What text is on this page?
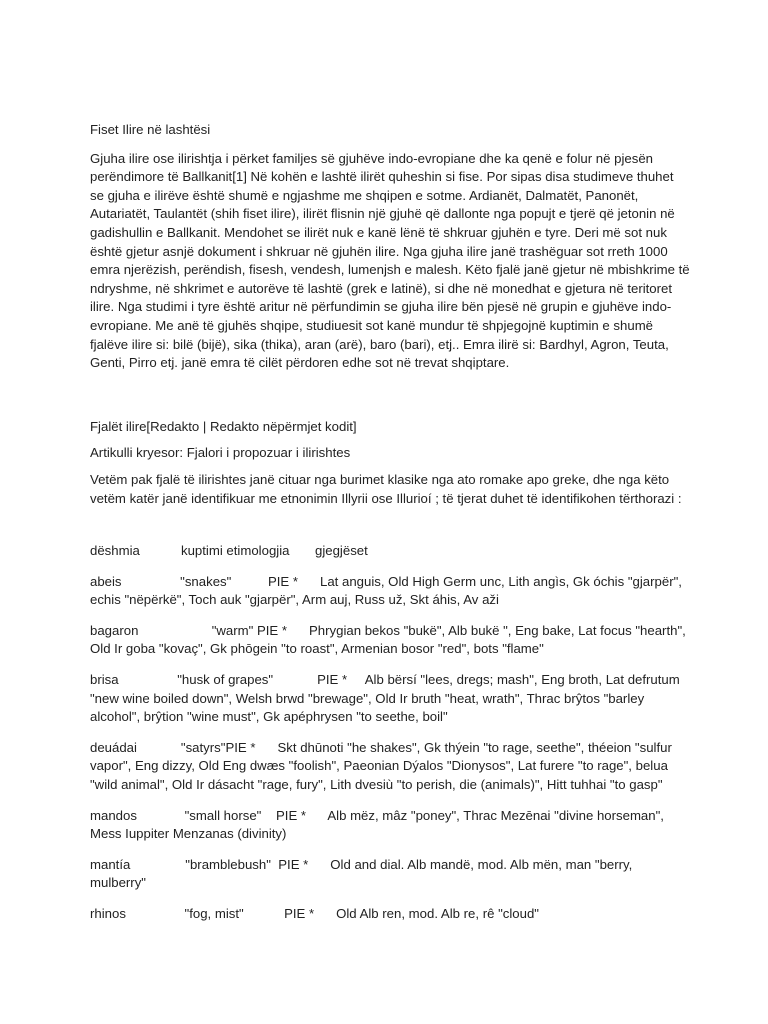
Fiset Ilire në lashtësi

Gjuha ilire ose ilirishtja i përket familjes së gjuhëve indo-evropiane dhe ka qenë e folur në pjesën perëndimore të Ballkanit[1] Në kohën e lashtë ilirët quheshin si fise. Por sipas disa studimeve thuhet se gjuha e ilirëve është shumë e ngjashme me shqipen e sotme. Ardianët, Dalmatët, Panonët, Autariatët, Taulantët (shih fiset ilire), ilirët flisnin një gjuhë që dallonte nga popujt e tjerë që jetonin në gadishullin e Ballkanit. Mendohet se ilirët nuk e kanë lënë të shkruar gjuhën e tyre. Deri më sot nuk është gjetur asnjë dokument i shkruar në gjuhën ilire. Nga gjuha ilire janë trashëguar sot rreth 1000 emra njerëzish, perëndish, fisesh, vendesh, lumenjsh e malesh. Këto fjalë janë gjetur në mbishkrime të ndryshme, në shkrimet e autorëve të lashtë (grek e latinë), si dhe në monedhat e gjetura në teritoret ilire. Nga studimi i tyre është aritur në përfundimin se gjuha ilire bën pjesë në grupin e gjuhëve indo-evropiane. Me anë të gjuhës shqipe, studiuesit sot kanë mundur të shpjegojnë kuptimin e shumë fjalëve ilire si: bilë (bijë), sika (thika), aran (arë), baro (bari), etj.. Emra ilirë si: Bardhyl, Agron, Teuta, Genti, Pirro etj. janë emra të cilët përdoren edhe sot në trevat shqiptare.

Fjalët ilire[Redakto | Redakto nëpërmjet kodit]

Artikulli kryesor: Fjalori i propozuar i ilirishtes

Vetëm pak fjalë të ilirishtes janë cituar nga burimet klasike nga ato romake apo greke, dhe nga këto vetëm katër janë identifikuar me etnonimin Illyrii ose Illurioí ; të tjerat duhet të identifikohen tërthorazi :

dëshmia	kuptimi etimologjia	gjegjëset

abeis	"snakes"	PIE * Lat anguis, Old High Germ unc, Lith angìs, Gk óchis "gjarpër", echis "nëpërkë", Toch auk "gjarpër", Arm auj, Russ už, Skt áhis, Av aži

bagaron	"warm" PIE * Phrygian bekos "bukë", Alb bukë ", Eng bake, Lat focus "hearth", Old Ir goba "kovaç", Gk phōgein "to roast", Armenian bosor "red", bots "flame"

brisa	"husk of grapes"	PIE * Alb bërsí "lees, dregs; mash", Eng broth, Lat defrutum "new wine boiled down", Welsh brwd "brewage", Old Ir bruth "heat, wrath", Thrac brŷtos "barley alcohol", brŷtion "wine must", Gk apéphrysen "to seethe, boil"

deuádai	"satyrs"PIE * Skt dhūnoti "he shakes", Gk thýein "to rage, seethe", théeion "sulfur vapor", Eng dizzy, Old Eng dwæs "foolish", Paeonian Dýalos "Dionysos", Lat furere "to rage", belua "wild animal", Old Ir dásacht "rage, fury", Lith dvesiù "to perish, die (animals)", Hitt tuhhai "to gasp"

mandos	"small horse" PIE * Alb mëz, mâz "poney", Thrac Mezēnai "divine horseman", Mess Iuppiter Menzanas (divinity)

mantía	"bramblebush" PIE * Old and dial. Alb mandë, mod. Alb mën, man "berry, mulberry"

rhinos	"fog, mist"	PIE * Old Alb ren, mod. Alb re, rê "cloud"
